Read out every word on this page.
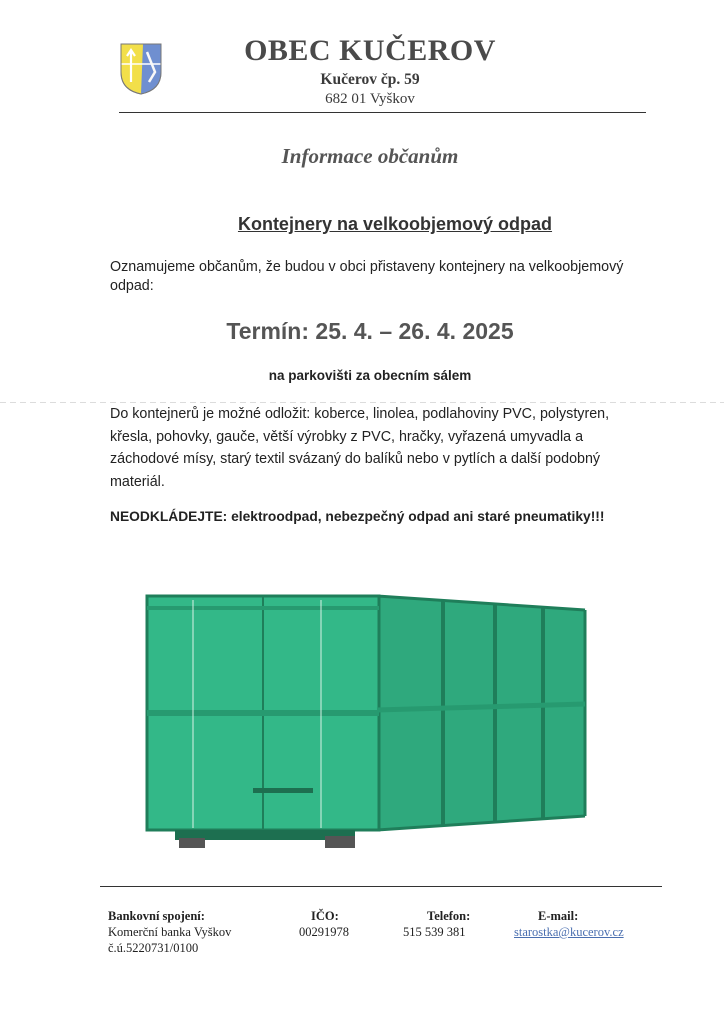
OBEC KUČEROV
Kučerov čp. 59
682 01 Vyškov
Informace občanům
Kontejnery na velkoobjemový odpad
Oznamujeme občanům, že budou v obci přistaveny kontejnery na velkoobjemový odpad:
Termín: 25. 4. – 26. 4. 2025
na parkovišti za obecním sálem
Do kontejnerů je možné odložit: koberce, linolea, podlahoviny PVC, polystyren, křesla, pohovky, gauče, větší výrobky z PVC, hračky, vyřazená umyvadla a záchodové mísy, starý textil svázaný do balíků nebo v pytlích a další podobný materiál.
NEODKLÁDEJTE: elektroodpad, nebezpečný odpad ani staré pneumatiky!!!
Bankovní spojení:
Komerční banka Vyškov
č.ú.5220731/0100
IČO:
00291978
Telefon:
515 539 381
E-mail:
starostka@kucerov.cz
